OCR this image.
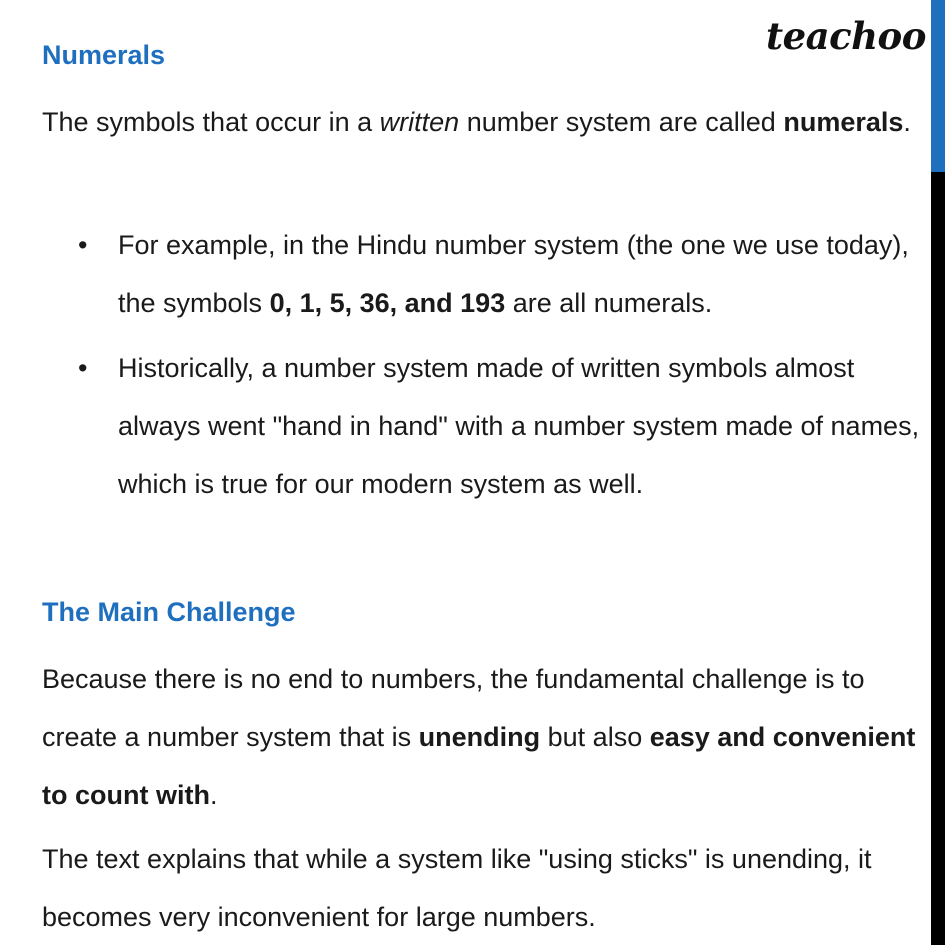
teachoo
Numerals

The symbols that occur in a written number system are called numerals.

• For example, in the Hindu number system (the one we use today), the symbols 0, 1, 5, 36, and 193 are all numerals.
• Historically, a number system made of written symbols almost always went "hand in hand" with a number system made of names, which is true for our modern system as well.
The Main Challenge

Because there is no end to numbers, the fundamental challenge is to create a number system that is unending but also easy and convenient to count with.

The text explains that while a system like "using sticks" is unending, it becomes very inconvenient for large numbers.
